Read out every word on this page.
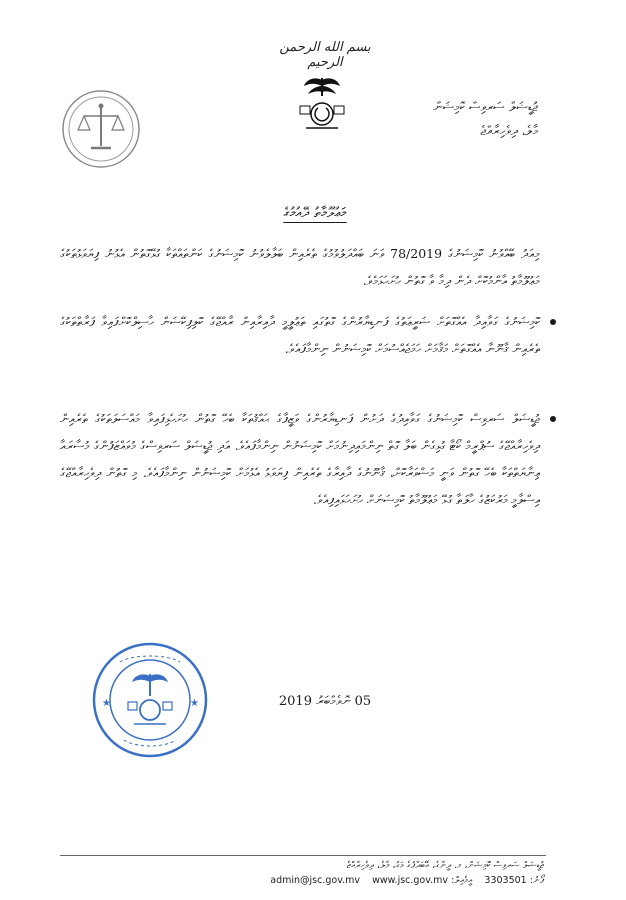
بسم الله الرحمن الرحيم
ޖުޑީޝަލް ސަރވިސް ކޮމިޝަން
މާލެ، ދިވެހިރާއްޖެ
މަޢުލޫމާތު ދޭއުމުގެ
މިއަދު ބޭއްވުނު ކޮމިޝަނުގެ 78/2019 ވަނަ ބައްދަލުވުމުގެ ތެރެއިން ބަލާލެވުނު ކޮމިޝަނުގެ ކަންތައްތަކާ ގުޅޭގޮތުން އެޅުނު ފިޔަވަޅުތަކުގެ މަޢުލޫމާތު އާންމުކޮށް ދެން ދިމާ ވާ ގޮތުން ހުށަހަޅަމެވެ.
ކޮމިޝަނުގެ ގަވާއިދާ އެއްގޮތަށް ޝަރީޢަތުގެ ފަނޑިޔާރުންގެ ގޮތުގައި ތަޢުލީމީ ދާއިރާއިން ރާއްޖޭގެ ކޮލިފިކޭޝަން ހާސިލްކޮށްފައިވާ ފަރާތްތަކުގެ ތެރެއިން ޤާނޫނާ އެއްގޮތަށް މަޤާމަށް ހަމަޖެއްސުމަށް ކޮމިޝަނުން ނިންމާފައެވެ.
ޖުޑީޝަލް ސަރވިސް ކޮމިޝަނުގެ ގަވާއިދުގެ ދަށުން ފަނޑިޔާރުންގެ ވަޒީފާގެ ޙައްޤުތަކާ ބެހޭ ގޮތުން ހުށަހެޅިފައިވާ މައްސަލަތަކުގެ ތެރެއިން ދިވެހިރާއްޖޭގެ ސުޕްރީމް ކޯޓާ ގުޅިގެން ބަލާ ގޮތް ނިންމައިދިނުމަށް ކޮމިޝަނުން ނިންމާފައެވެ. އަދި ޖުޑީޝަލް ސަރވިސްގެ މުވައްޒަފުންގެ މުސާރައާ ޢިނާޔަތްތަކާ ބެހޭ ގޮތުން ވަނީ މަޝްވަރާކޮށް، ޤާނޫނުގެ ދާއިރާގެ ތެރެއިން ފިޔަވަޅު އެޅުމަށް ކޮމިޝަނުން ނިންމާފައެވެ. މި ގޮތުން ދިވެހިރާއްޖޭގެ އިސްލާމީ މަރުކަޒުގެ ހާލަތާ ގުޅޭ މަޢުލޫމާތު ކޮމިޝަނަށް ހުށަހަޅައިފިއެވެ.
★	★	05 ނޮވެމްބަރު 2019
ޖުޑީޝަލް ސަރވިސް ކޮމިޝަން، މ. ދީނާގެ، އޭބަދާފުގެ މަގު، މާލެ، ދިވެހިރާއްޖެ
ފޯނު: 3303501    އީމެއިލް: admin@jsc.gov.mv www.jsc.gov.mv
